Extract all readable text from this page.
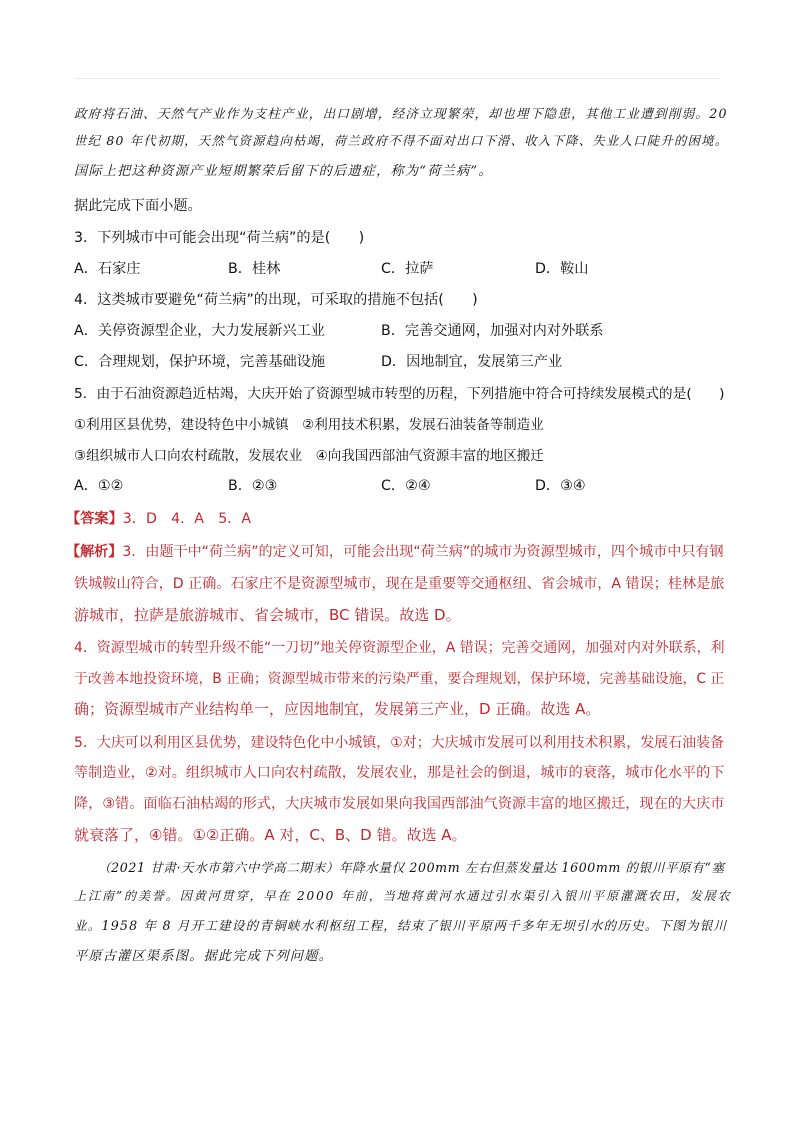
政府将石油、天然气产业作为支柱产业，出口剧增，经济立现繁荣，却也埋下隐患，其他工业遭到削弱。20
世纪 80 年代初期，天然气资源趋向枯竭，荷兰政府不得不面对出口下滑、收入下降、失业人口陡升的困境。
国际上把这种资源产业短期繁荣后留下的后遗症，称为“荷兰病”。
据此完成下面小题。
3．下列城市中可能会出现“荷兰病”的是(　　)
A．石家庄	B．桂林	C．拉萨	D．鞍山
4．这类城市要避免“荷兰病”的出现，可采取的措施不包括(　　)
A．关停资源型企业，大力发展新兴工业	B．完善交通网，加强对内对外联系
C．合理规划，保护环境，完善基础设施	D．因地制宜，发展第三产业
5．由于石油资源趋近枯竭，大庆开始了资源型城市转型的历程，下列措施中符合可持续发展模式的是(　　)
①利用区县优势，建设特色中小城镇　②利用技术积累，发展石油装备等制造业
③组织城市人口向农村疏散，发展农业　④向我国西部油气资源丰富的地区搬迁
A．①②	B．②③	C．②④	D．③④
【答案】3．D　4．A　5．A
【解析】3．由题干中“荷兰病”的定义可知，可能会出现“荷兰病”的城市为资源型城市，四个城市中只有钢
铁城鞍山符合，D 正确。石家庄不是资源型城市，现在是重要等交通枢纽、省会城市，A 错误；桂林是旅
游城市，拉萨是旅游城市、省会城市，BC 错误。故选 D。
4．资源型城市的转型升级不能“一刀切”地关停资源型企业，A 错误；完善交通网，加强对内对外联系，利
于改善本地投资环境，B 正确；资源型城市带来的污染严重，要合理规划，保护环境，完善基础设施，C 正
确；资源型城市产业结构单一，应因地制宜，发展第三产业，D 正确。故选 A。
5．大庆可以利用区县优势，建设特色化中小城镇，①对；大庆城市发展可以利用技术积累，发展石油装备
等制造业，②对。组织城市人口向农村疏散，发展农业，那是社会的倒退，城市的衰落，城市化水平的下
降，③错。面临石油枯竭的形式，大庆城市发展如果向我国西部油气资源丰富的地区搬迁，现在的大庆市
就衰落了，④错。①②正确。A 对，C、B、D 错。故选 A。
（2021 甘肃·天水市第六中学高二期末）年降水量仅 200mm 左右但蒸发量达 1600mm 的银川平原有“塞
上江南”的美誉。因黄河贯穿，早在 2000 年前，当地将黄河水通过引水渠引入银川平原灌溉农田，发展农
业。1958 年 8 月开工建设的青铜峡水利枢纽工程，结束了银川平原两千多年无坝引水的历史。下图为银川
平原古灌区渠系图。据此完成下列问题。
